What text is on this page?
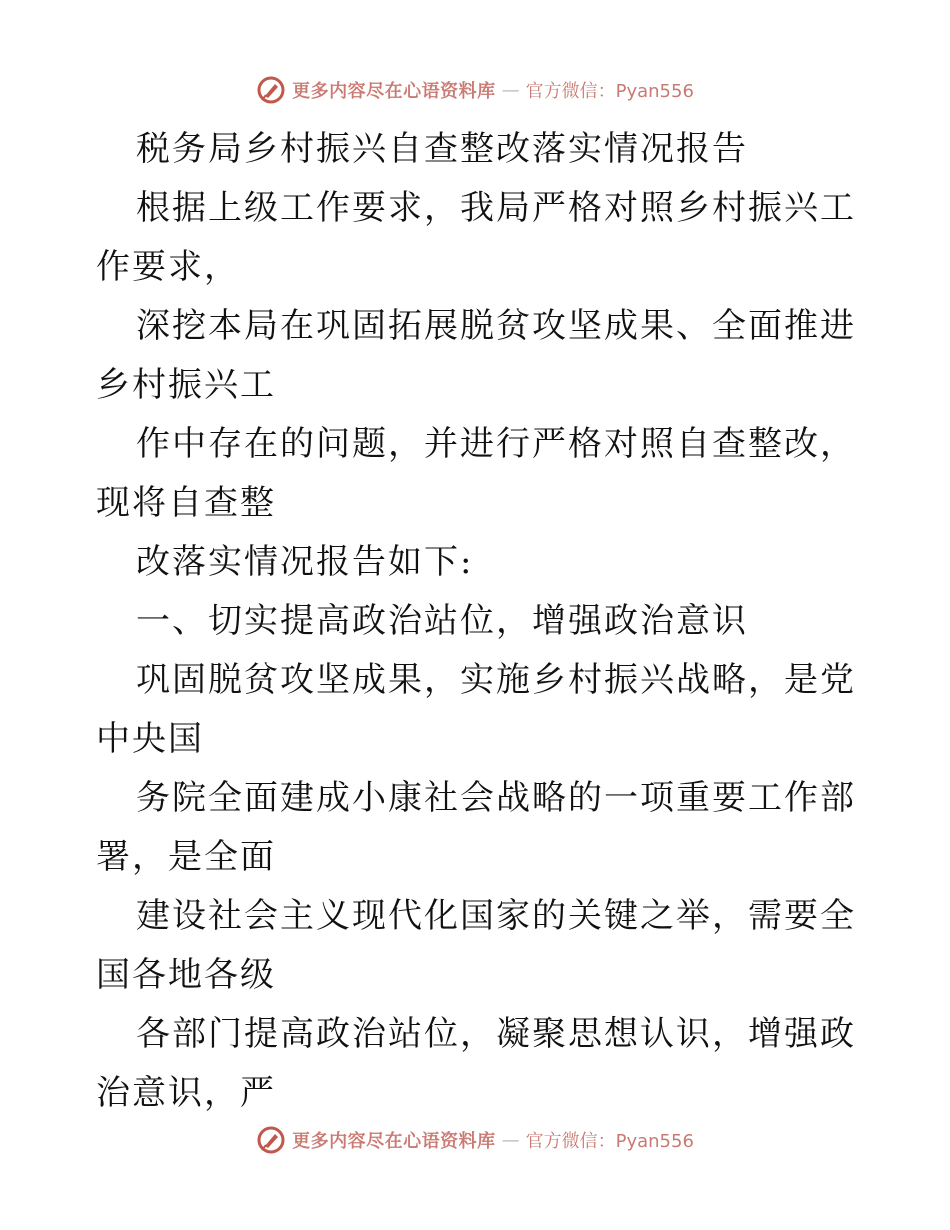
更多内容尽在心语资料库 — 官方微信：Pyan556

税务局乡村振兴自查整改落实情况报告

根据上级工作要求，我局严格对照乡村振兴工作要求，

深挖本局在巩固拓展脱贫攻坚成果、全面推进乡村振兴工

作中存在的问题，并进行严格对照自查整改，现将自查整

改落实情况报告如下:

一、切实提高政治站位，增强政治意识

巩固脱贫攻坚成果，实施乡村振兴战略，是党中央国

务院全面建成小康社会战略的一项重要工作部署，是全面

建设社会主义现代化国家的关键之举，需要全国各地各级

各部门提高政治站位，凝聚思想认识，增强政治意识，严

更多内容尽在心语资料库 — 官方微信：Pyan556
